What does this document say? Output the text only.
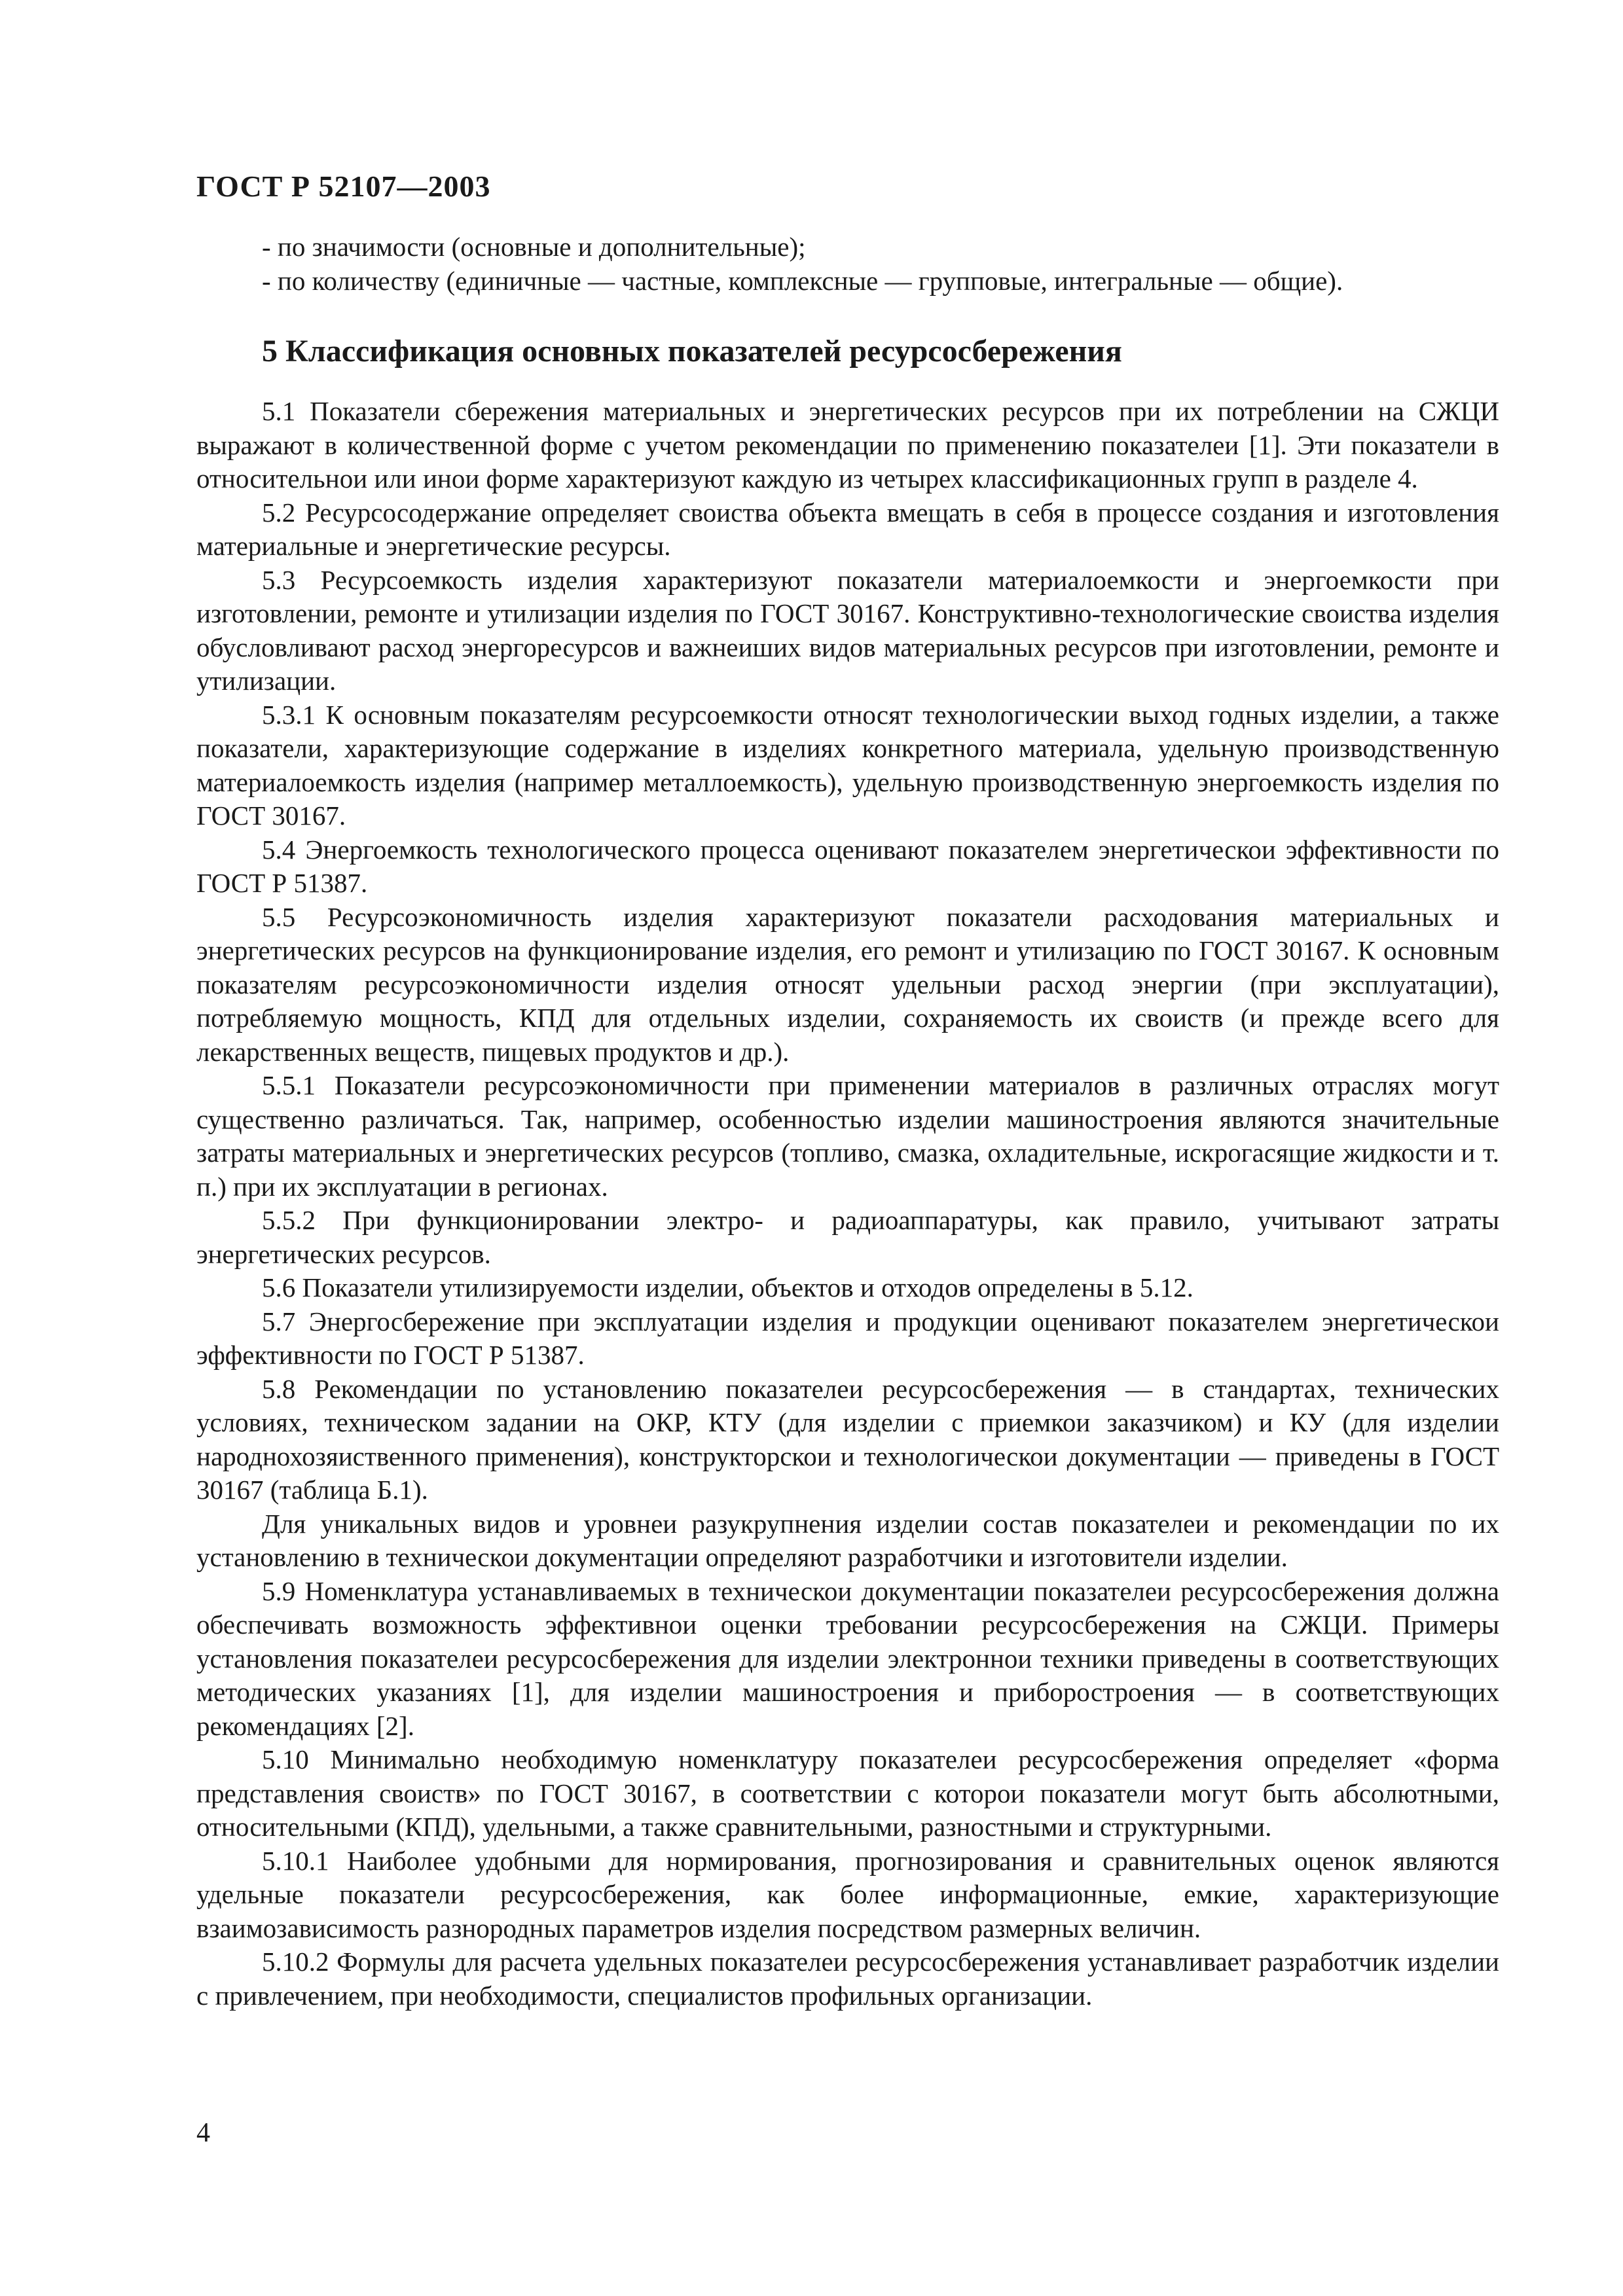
ГОСТ Р 52107—2003

- по значимости (основные и дополнительные);

- по количеству (единичные — частные, комплексные — групповые, интегральные — общие).

5 Классификация основных показателей ресурсосбережения

5.1 Показатели сбережения материальных и энергетических ресурсов при их потреблении на СЖЦИ выражают в количественной форме с учетом рекомендации по применению показателеи [1]. Эти показатели в относительнои или инои форме характеризуют каждую из четырех классификационных групп в разделе 4.

5.2 Ресурсосодержание определяет своиства объекта вмещать в себя в процессе создания и изготовления материальные и энергетические ресурсы.

5.3 Ресурсоемкость изделия характеризуют показатели материалоемкости и энергоемкости при изготовлении, ремонте и утилизации изделия по ГОСТ 30167. Конструктивно-технологические своиства изделия обусловливают расход энергоресурсов и важнеиших видов материальных ресурсов при изготовлении, ремонте и утилизации.

5.3.1 К основным показателям ресурсоемкости относят технологическии выход годных изделии, а также показатели, характеризующие содержание в изделиях конкретного материала, удельную производственную материалоемкость изделия (например металлоемкость), удельную производственную энергоемкость изделия по ГОСТ 30167.

5.4 Энергоемкость технологического процесса оценивают показателем энергетическои эффективности по ГОСТ Р 51387.

5.5 Ресурсоэкономичность изделия характеризуют показатели расходования материальных и энергетических ресурсов на функционирование изделия, его ремонт и утилизацию по ГОСТ 30167. К основным показателям ресурсоэкономичности изделия относят удельныи расход энергии (при эксплуатации), потребляемую мощность, КПД для отдельных изделии, сохраняемость их своиств (и прежде всего для лекарственных веществ, пищевых продуктов и др.).

5.5.1 Показатели ресурсоэкономичности при применении материалов в различных отраслях могут существенно различаться. Так, например, особенностью изделии машиностроения являются значительные затраты материальных и энергетических ресурсов (топливо, смазка, охладительные, искрогасящие жидкости и т. п.) при их эксплуатации в регионах.

5.5.2 При функционировании электро- и радиоаппаратуры, как правило, учитывают затраты энергетических ресурсов.

5.6 Показатели утилизируемости изделии, объектов и отходов определены в 5.12.

5.7 Энергосбережение при эксплуатации изделия и продукции оценивают показателем энергетическои эффективности по ГОСТ Р 51387.

5.8 Рекомендации по установлению показателеи ресурсосбережения — в стандартах, технических условиях, техническом задании на ОКР, КТУ (для изделии с приемкои заказчиком) и КУ (для изделии народнохозяиственного применения), конструкторскои и технологическои документации — приведены в ГОСТ 30167 (таблица Б.1).

Для уникальных видов и уровнеи разукрупнения изделии состав показателеи и рекомендации по их установлению в техническои документации определяют разработчики и изготовители изделии.

5.9 Номенклатура устанавливаемых в техническои документации показателеи ресурсосбережения должна обеспечивать возможность эффективнои оценки требовании ресурсосбережения на СЖЦИ. Примеры установления показателеи ресурсосбережения для изделии электроннои техники приведены в соответствующих методических указаниях [1], для изделии машиностроения и приборостроения — в соответствующих рекомендациях [2].

5.10 Минимально необходимую номенклатуру показателеи ресурсосбережения определяет «форма представления своиств» по ГОСТ 30167, в соответствии с которои показатели могут быть абсолютными, относительными (КПД), удельными, а также сравнительными, разностными и структурными.

5.10.1 Наиболее удобными для нормирования, прогнозирования и сравнительных оценок являются удельные показатели ресурсосбережения, как более информационные, емкие, характеризующие взаимозависимость разнородных параметров изделия посредством размерных величин.

5.10.2 Формулы для расчета удельных показателеи ресурсосбережения устанавливает разработчик изделии с привлечением, при необходимости, специалистов профильных организации.

4
